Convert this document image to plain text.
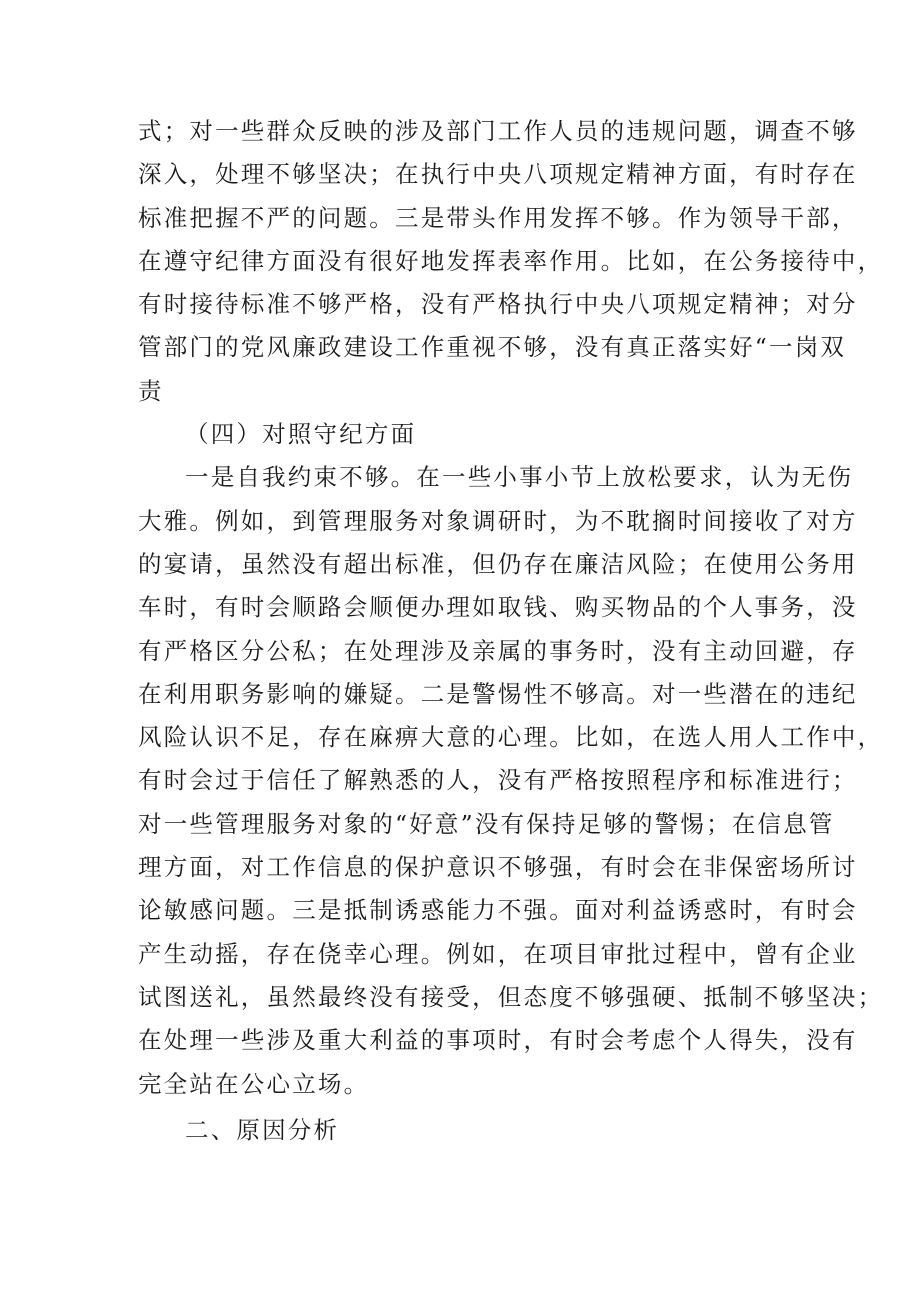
式；对一些群众反映的涉及部门工作人员的违规问题，调查不够
深入，处理不够坚决；在执行中央八项规定精神方面，有时存在
标准把握不严的问题。三是带头作用发挥不够。作为领导干部，
在遵守纪律方面没有很好地发挥表率作用。比如，在公务接待中，
有时接待标准不够严格，没有严格执行中央八项规定精神；对分
管部门的党风廉政建设工作重视不够，没有真正落实好“一岗双
责
（四）对照守纪方面
一是自我约束不够。在一些小事小节上放松要求，认为无伤
大雅。例如，到管理服务对象调研时，为不耽搁时间接收了对方
的宴请，虽然没有超出标准，但仍存在廉洁风险；在使用公务用
车时，有时会顺路会顺便办理如取钱、购买物品的个人事务，没
有严格区分公私；在处理涉及亲属的事务时，没有主动回避，存
在利用职务影响的嫌疑。二是警惕性不够高。对一些潜在的违纪
风险认识不足，存在麻痹大意的心理。比如，在选人用人工作中，
有时会过于信任了解熟悉的人，没有严格按照程序和标准进行；
对一些管理服务对象的“好意”没有保持足够的警惕；在信息管
理方面，对工作信息的保护意识不够强，有时会在非保密场所讨
论敏感问题。三是抵制诱惑能力不强。面对利益诱惑时，有时会
产生动摇，存在侥幸心理。例如，在项目审批过程中，曾有企业
试图送礼，虽然最终没有接受，但态度不够强硬、抵制不够坚决；
在处理一些涉及重大利益的事项时，有时会考虑个人得失，没有
完全站在公心立场。
二、原因分析
